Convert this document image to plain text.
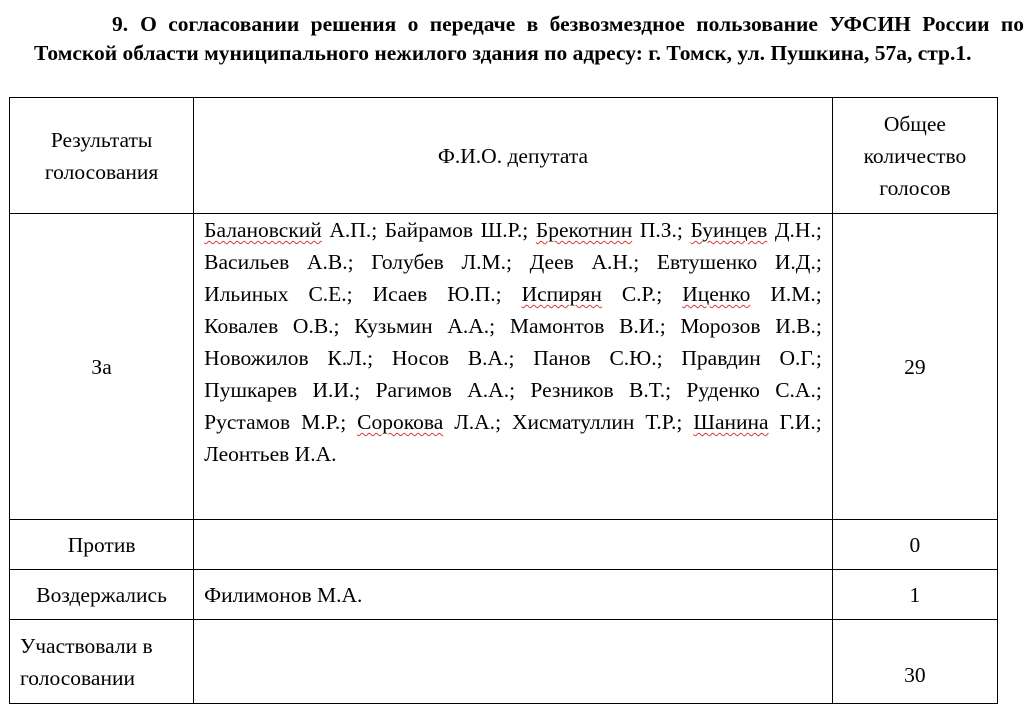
9. О согласовании решения о передаче в безвозмездное пользование УФСИН России по Томской области муниципального нежилого здания по адресу: г. Томск, ул. Пушкина, 57а, стр.1.
Результаты голосования	Ф.И.О. депутата	Общее количество голосов
За	Балановский А.П.; Байрамов Ш.Р.; Брекотнин П.З.; Буинцев Д.Н.; Васильев А.В.; Голубев Л.М.; Деев А.Н.; Евтушенко И.Д.; Ильиных С.Е.; Исаев Ю.П.; Испирян С.Р.; Иценко И.М.; Ковалев О.В.; Кузьмин А.А.; Мамонтов В.И.; Морозов И.В.; Новожилов К.Л.; Носов В.А.; Панов С.Ю.; Правдин О.Г.; Пушкарев И.И.; Рагимов А.А.; Резников В.Т.; Руденко С.А.; Рустамов М.Р.; Сорокова Л.А.; Хисматуллин Т.Р.; Шанина Г.И.; Леонтьев И.А.	29
Против		0
Воздержались	Филимонов М.А.	1
Участвовали в голосовании		30
